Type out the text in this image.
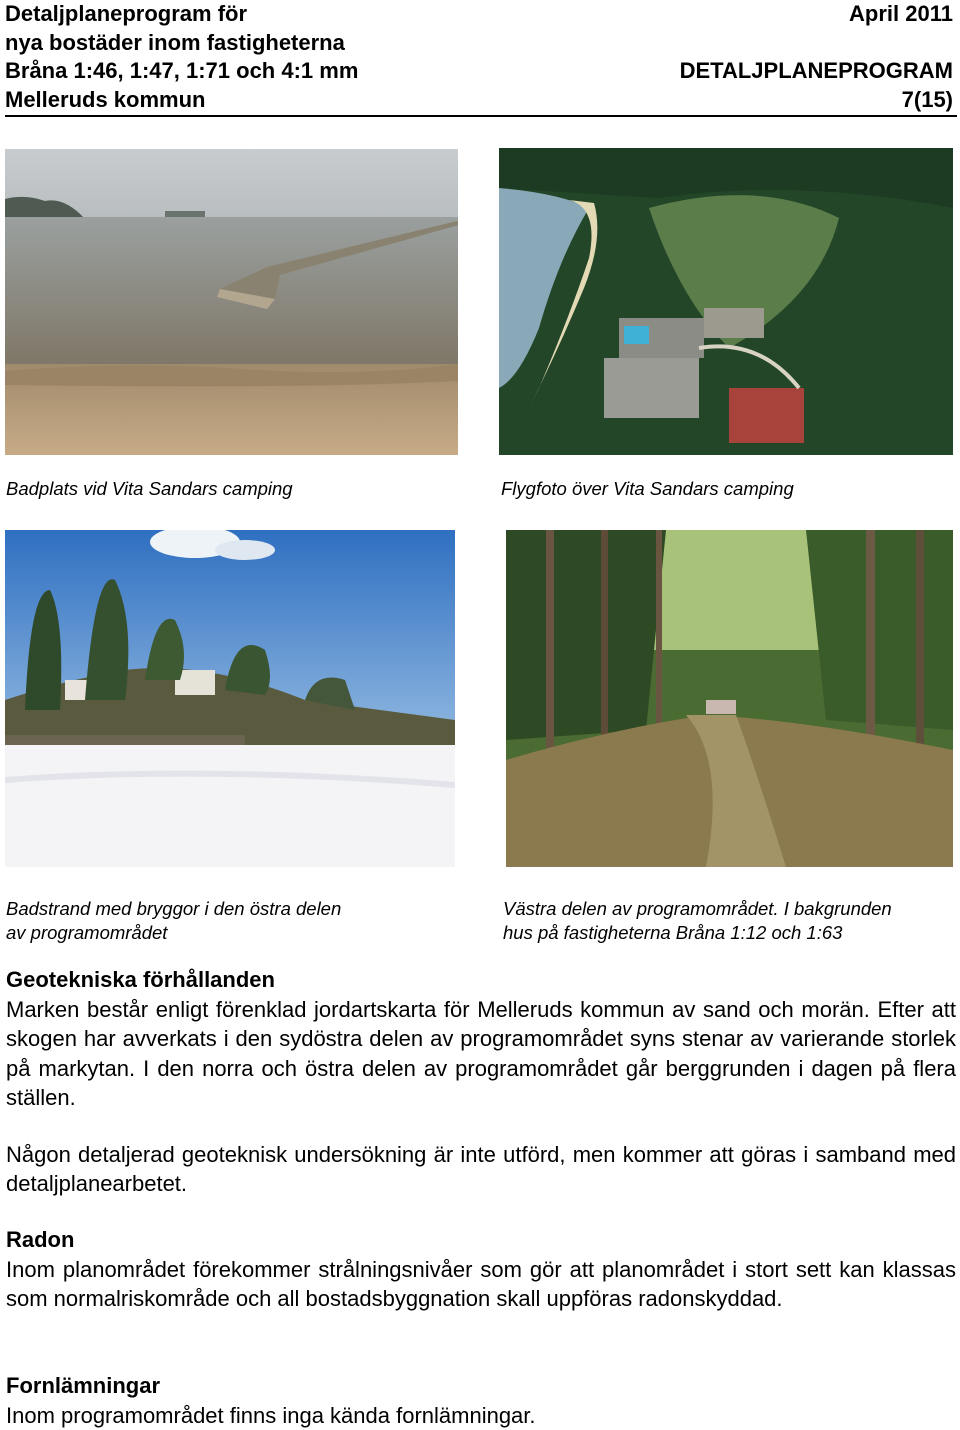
Detaljplaneprogram för
nya bostäder inom fastigheterna
Bråna 1:46, 1:47, 1:71 och 4:1 mm
Melleruds kommun
April 2011
DETALJPLANEPROGRAM
7(15)
Badplats vid Vita Sandars camping	Flygfoto över Vita Sandars camping
Badstrand med bryggor i den östra delen
av programområdet
Västra delen av programområdet. I bakgrunden
hus på fastigheterna Bråna 1:12 och 1:63
Geotekniska förhållanden
Marken består enligt förenklad jordartskarta för Melleruds kommun av sand och morän. Efter att skogen har avverkats i den sydöstra delen av programområdet syns stenar av varierande storlek på markytan. I den norra och östra delen av programområdet går berggrunden i dagen på flera ställen.
Någon detaljerad geoteknisk undersökning är inte utförd, men kommer att göras i samband med detaljplanearbetet.
Radon
Inom planområdet förekommer strålningsnivåer som gör att planområdet i stort sett kan klassas som normalriskområde och all bostadsbyggnation skall uppföras radonskyddad.
Fornlämningar
Inom programområdet finns inga kända fornlämningar.
